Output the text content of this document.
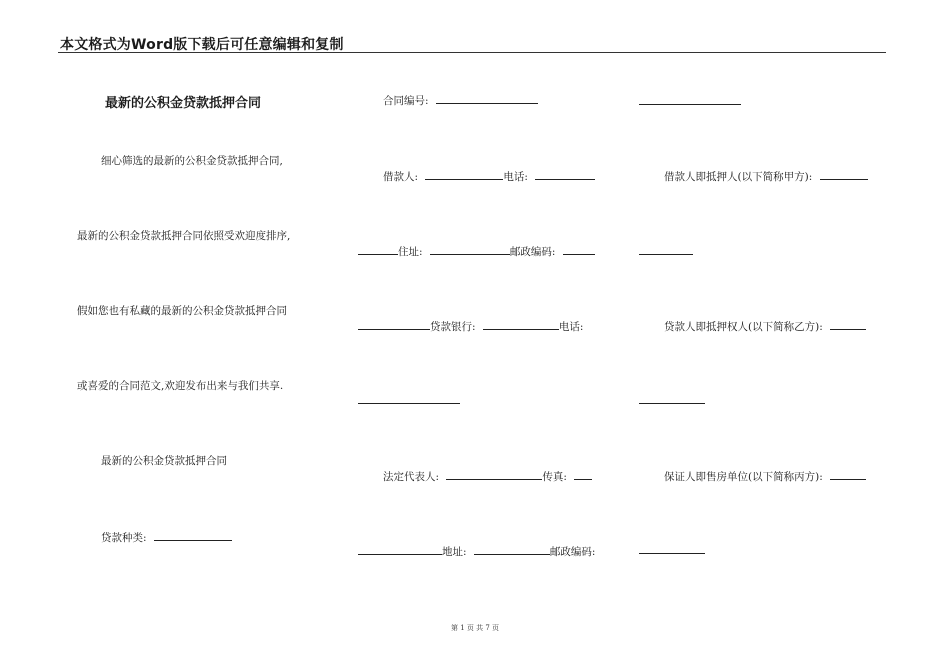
本文格式为Word版下载后可任意编辑和复制
最新的公积金贷款抵押合同
细心筛选的最新的公积金贷款抵押合同,
最新的公积金贷款抵押合同依照受欢迎度排序,
假如您也有私藏的最新的公积金贷款抵押合同
或喜爱的合同范文,欢迎发布出来与我们共享.
最新的公积金贷款抵押合同
贷款种类:
合同编号:
借款人:	电话:
住址:	邮政编码:
贷款银行:	电话:
法定代表人:	传真:
地址:	邮政编码:
借款人即抵押人(以下简称甲方):
贷款人即抵押权人(以下简称乙方):
保证人即售房单位(以下简称丙方):
第 1 页 共 7 页
